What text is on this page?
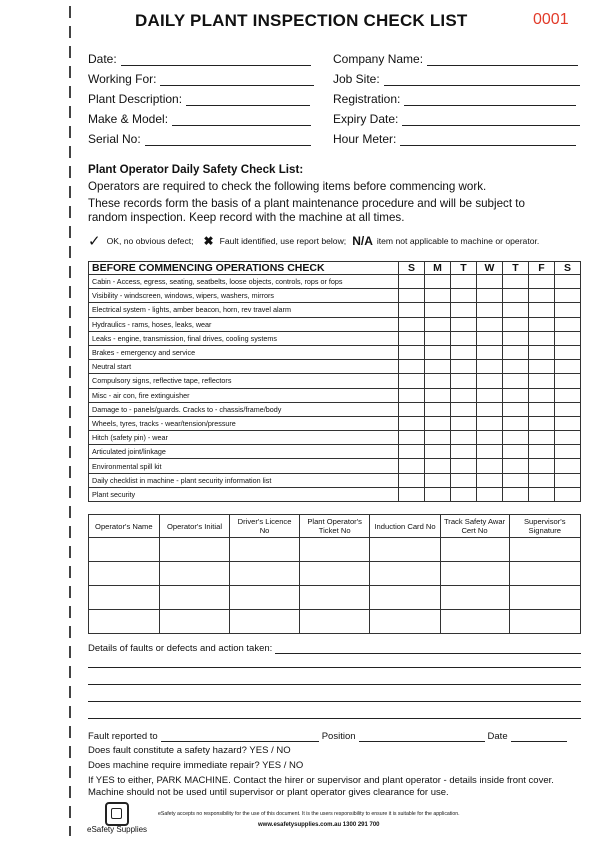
DAILY PLANT INSPECTION CHECK LIST	0001
Date:
Working For:
Plant Description:
Make & Model:
Serial No:
Company Name:
Job Site:
Registration:
Expiry Date:
Hour Meter:
Plant Operator Daily Safety Check List:
Operators are required to check the following items before commencing work.
These records form the basis of a plant maintenance procedure and will be subject to
random inspection. Keep record with the machine at all times.
✓ OK, no obvious defect; ✖ Fault identified, use report below; N/A item not applicable to machine or operator.
BEFORE COMMENCING OPERATIONS CHECK	S	M	T	W	T	F	S
Cabin - Access, egress, seating, seatbelts, loose objects, controls, rops or fops							
Visibility - windscreen, windows, wipers, washers, mirrors							
Electrical system - lights, amber beacon, horn, rev travel alarm							
Hydraulics - rams, hoses, leaks, wear							
Leaks - engine, transmission, final drives, cooling systems							
Brakes - emergency and service							
Neutral start							
Compulsory signs, reflective tape, reflectors							
Misc - air con, fire extinguisher							
Damage to - panels/guards. Cracks to - chassis/frame/body							
Wheels, tyres, tracks - wear/tension/pressure							
Hitch (safety pin) - wear							
Articulated joint/linkage							
Environmental spill kit							
Daily checklist in machine - plant security information list							
Plant security							
Operator's Name	Operator's Initial	Driver's Licence No	Plant Operator's Ticket No	Induction Card No	Track Safety Awar Cert No	Supervisor's Signature

Details of faults or defects and action taken:
Fault reported to	Position	Date
Does fault constitute a safety hazard? YES / NO
Does machine require immediate repair? YES / NO
If YES to either, PARK MACHINE. Contact the hirer or supervisor and plant operator - details inside front cover.
Machine should not be used until supervisor or plant operator gives clearance for use.
eSafety Supplies
eSafety accepts no responsibility for the use of this document. It is the users responsibility to ensure it is suitable for the application.
www.esafetysupplies.com.au 1300 291 700
